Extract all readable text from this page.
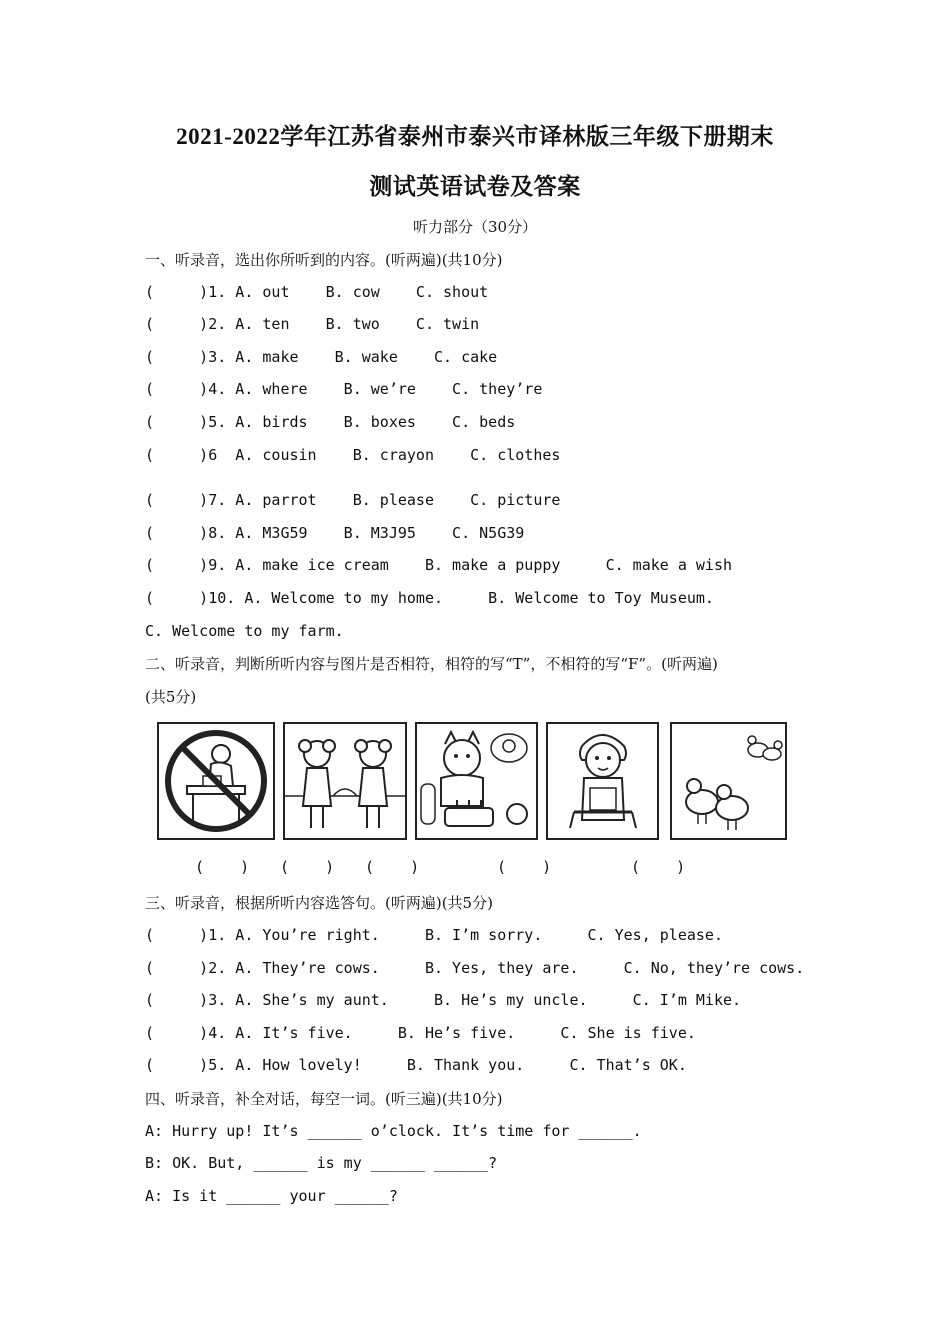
2021-2022学年江苏省泰州市泰兴市译林版三年级下册期末
测试英语试卷及答案
听力部分（30分）
一、听录音，选出你所听到的内容。(听两遍)(共10分)
(     )1. A. out    B. cow    C. shout
(     )2. A. ten    B. two    C. twin
(     )3. A. make    B. wake    C. cake
(     )4. A. where    B. we’re    C. they’re
(     )5. A. birds    B. boxes    C. beds
(     )6  A. cousin    B. crayon    C. clothes
(     )7. A. parrot    B. please    C. picture
(     )8. A. M3G59    B. M3J95    C. N5G39
(     )9. A. make ice cream    B. make a puppy     C. make a wish
(     )10. A. Welcome to my home.     B. Welcome to Toy Museum.
C. Welcome to my farm.
二、听录音，判断所听内容与图片是否相符，相符的写“T”，不相符的写“F”。(听两遍)
(共5分)
(    ) (    ) (    )	(    )	(    )
三、听录音，根据所听内容选答句。(听两遍)(共5分)
(     )1. A. You’re right.     B. I’m sorry.     C. Yes, please.
(     )2. A. They’re cows.     B. Yes, they are.     C. No, they’re cows.
(     )3. A. She’s my aunt.     B. He’s my uncle.     C. I’m Mike.
(     )4. A. It’s five.     B. He’s five.     C. She is five.
(     )5. A. How lovely!     B. Thank you.     C. That’s OK.
四、听录音，补全对话，每空一词。(听三遍)(共10分)
A: Hurry up! It’s ______ o’clock. It’s time for ______.
B: OK. But, ______ is my ______ ______?
A: Is it ______ your ______?
